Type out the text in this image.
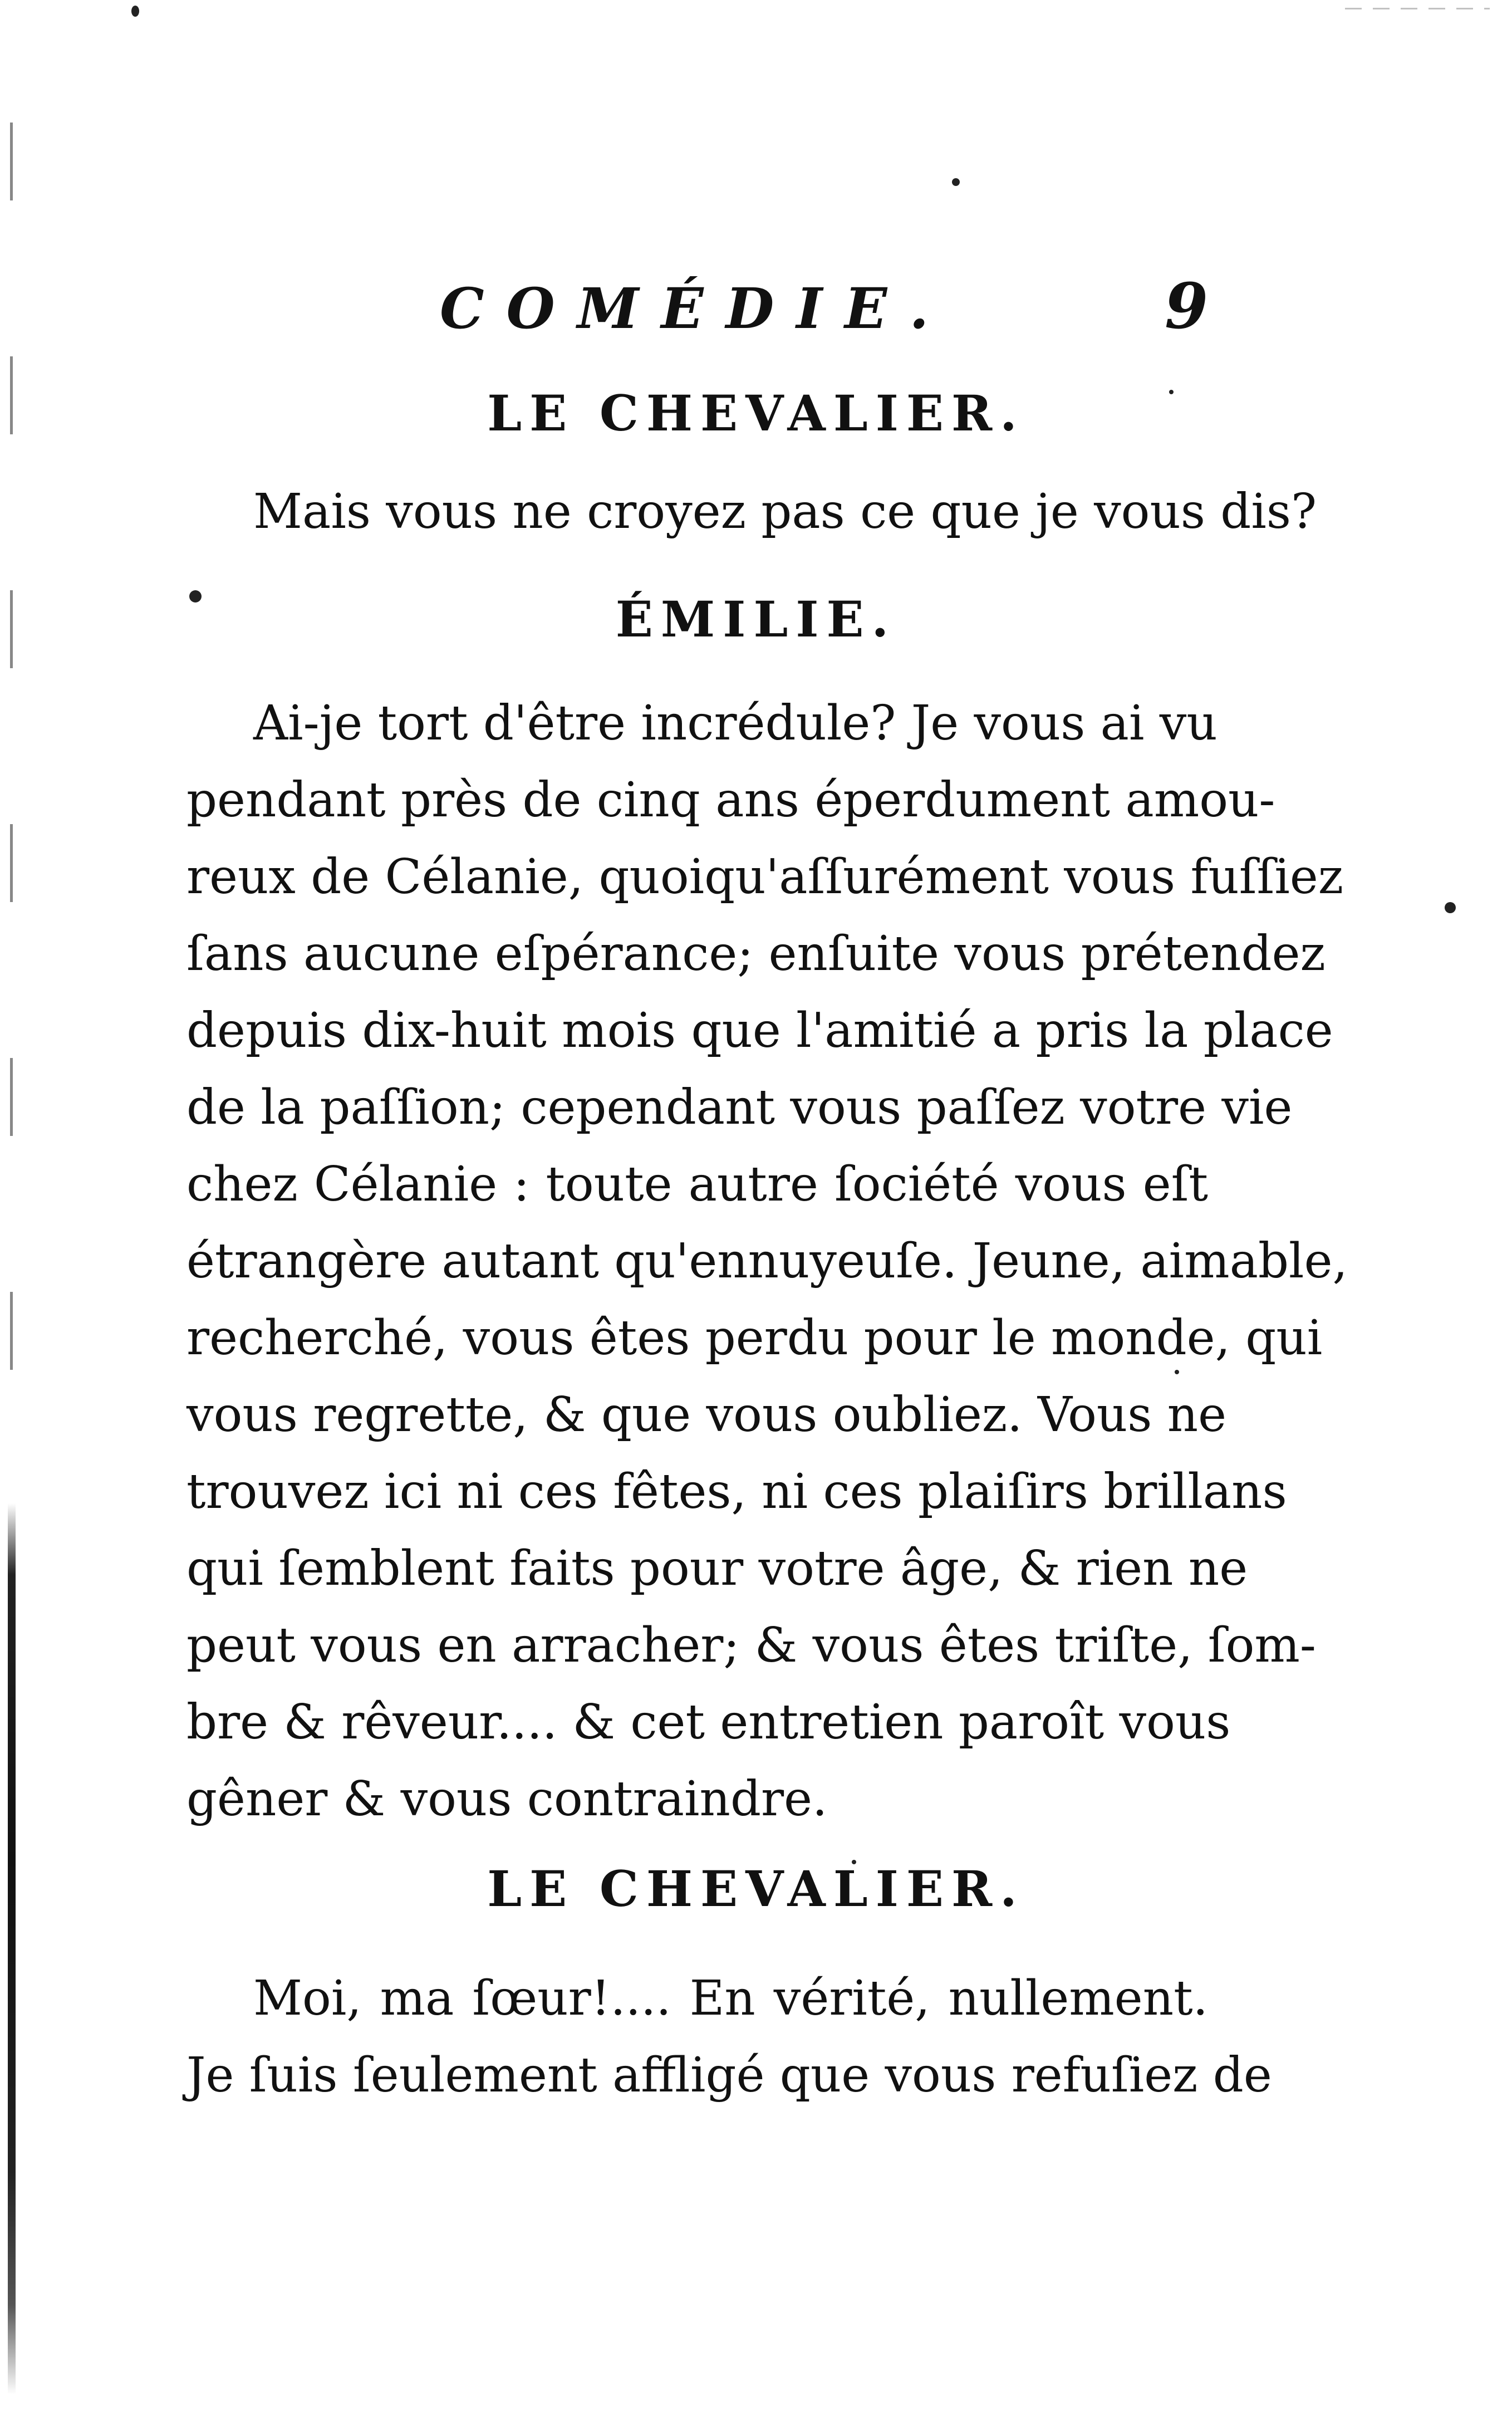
COMÉDIE.	9
LE CHEVALIER.
Mais vous ne croyez pas ce que je vous dis?
ÉMILIE.
Ai-je tort d'être incrédule? Je vous ai vu
pendant près de cinq ans éperdument amou-
reux de Célanie, quoiqu'aſſurément vous fuſſiez
ſans aucune eſpérance; enſuite vous prétendez
depuis dix-huit mois que l'amitié a pris la place
de la paſſion; cependant vous paſſez votre vie
chez Célanie : toute autre ſociété vous eſt
étrangère autant qu'ennuyeuſe. Jeune, aimable,
recherché, vous êtes perdu pour le monde, qui
vous regrette, & que vous oubliez. Vous ne
trouvez ici ni ces fêtes, ni ces plaiſirs brillans
qui ſemblent faits pour votre âge, & rien ne
peut vous en arracher; & vous êtes triſte, ſom-
bre & rêveur.... & cet entretien paroît vous
gêner & vous contraindre.
LE CHEVALIER.
Moi, ma ſœur!.... En vérité, nullement.
Je ſuis ſeulement affligé que vous refuſiez de
